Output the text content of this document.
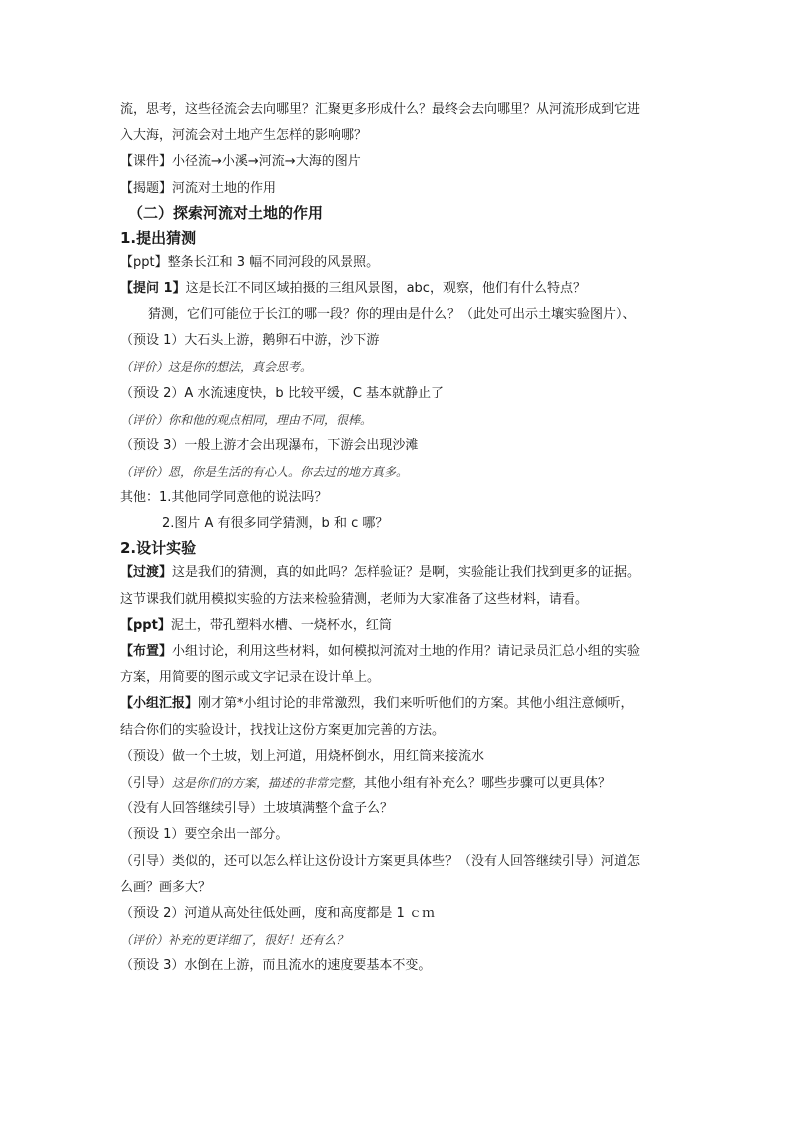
流，思考，这些径流会去向哪里？汇聚更多形成什么？最终会去向哪里？从河流形成到它进
入大海，河流会对土地产生怎样的影响哪？
【课件】小径流→小溪→河流→大海的图片
【揭题】河流对土地的作用
（二）探索河流对土地的作用
1.提出猜测
【ppt】整条长江和 3 幅不同河段的风景照。
【提问 1】这是长江不同区域拍摄的三组风景图，abc，观察，他们有什么特点？
猜测，它们可能位于长江的哪一段？你的理由是什么？（此处可出示土壤实验图片）、
（预设 1）大石头上游，鹅卵石中游，沙下游
（评价）这是你的想法，真会思考。
（预设 2）A 水流速度快，b 比较平缓，C 基本就静止了
（评价）你和他的观点相同，理由不同，很棒。
（预设 3）一般上游才会出现瀑布，下游会出现沙滩
（评价）恩，你是生活的有心人。你去过的地方真多。
其他：1.其他同学同意他的说法吗？
2.图片 A 有很多同学猜测，b 和 c 哪？
2.设计实验
【过渡】这是我们的猜测，真的如此吗？怎样验证？是啊，实验能让我们找到更多的证据。
这节课我们就用模拟实验的方法来检验猜测，老师为大家准备了这些材料，请看。
【ppt】泥土，带孔塑料水槽、一烧杯水，红筒
【布置】小组讨论，利用这些材料，如何模拟河流对土地的作用？请记录员汇总小组的实验
方案，用简要的图示或文字记录在设计单上。
【小组汇报】刚才第*小组讨论的非常激烈，我们来听听他们的方案。其他小组注意倾听，
结合你们的实验设计，找找让这份方案更加完善的方法。
（预设）做一个土坡，划上河道，用烧杯倒水，用红筒来接流水
（引导）这是你们的方案，描述的非常完整，其他小组有补充么？哪些步骤可以更具体？
（没有人回答继续引导）土坡填满整个盒子么？
（预设 1）要空余出一部分。
（引导）类似的，还可以怎么样让这份设计方案更具体些？（没有人回答继续引导）河道怎
么画？画多大？
（预设 2）河道从高处往低处画，度和高度都是 1 ｃｍ
（评价）补充的更详细了，很好！还有么？
（预设 3）水倒在上游，而且流水的速度要基本不变。
